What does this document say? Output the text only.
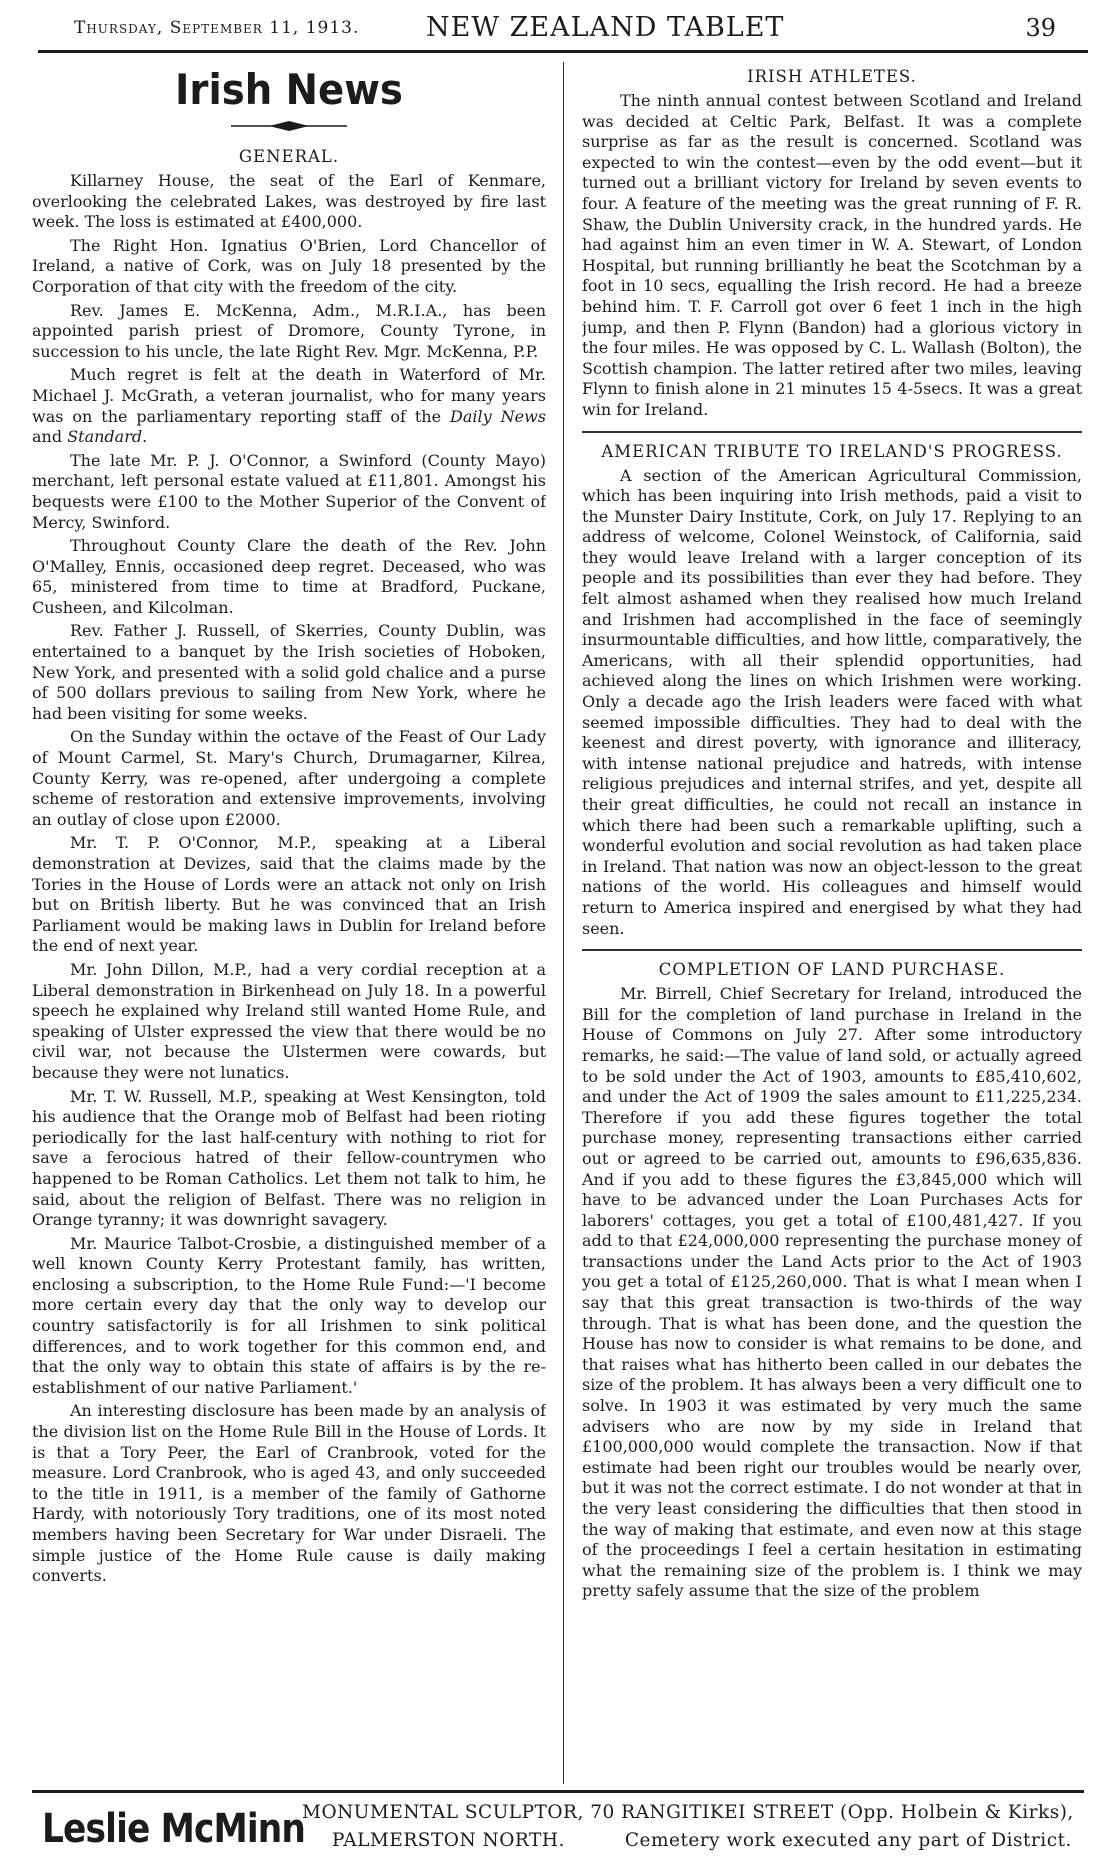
Thursday, September 11, 1913. NEW ZEALAND TABLET	39
Irish News
GENERAL.

Killarney House, the seat of the Earl of Kenmare, overlooking the celebrated Lakes, was destroyed by fire last week. The loss is estimated at £400,000.

The Right Hon. Ignatius O'Brien, Lord Chancellor of Ireland, a native of Cork, was on July 18 presented by the Corporation of that city with the freedom of the city.

Rev. James E. McKenna, Adm., M.R.I.A., has been appointed parish priest of Dromore, County Tyrone, in succession to his uncle, the late Right Rev. Mgr. McKenna, P.P.

Much regret is felt at the death in Waterford of Mr. Michael J. McGrath, a veteran journalist, who for many years was on the parliamentary reporting staff of the Daily News and Standard.

The late Mr. P. J. O'Connor, a Swinford (County Mayo) merchant, left personal estate valued at £11,801. Amongst his bequests were £100 to the Mother Superior of the Convent of Mercy, Swinford.

Throughout County Clare the death of the Rev. John O'Malley, Ennis, occasioned deep regret. Deceased, who was 65, ministered from time to time at Bradford, Puckane, Cusheen, and Kilcolman.

Rev. Father J. Russell, of Skerries, County Dublin, was entertained to a banquet by the Irish societies of Hoboken, New York, and presented with a solid gold chalice and a purse of 500 dollars previous to sailing from New York, where he had been visiting for some weeks.

On the Sunday within the octave of the Feast of Our Lady of Mount Carmel, St. Mary's Church, Drumagarner, Kilrea, County Kerry, was re-opened, after undergoing a complete scheme of restoration and extensive improvements, involving an outlay of close upon £2000.

Mr. T. P. O'Connor, M.P., speaking at a Liberal demonstration at Devizes, said that the claims made by the Tories in the House of Lords were an attack not only on Irish but on British liberty. But he was convinced that an Irish Parliament would be making laws in Dublin for Ireland before the end of next year.

Mr. John Dillon, M.P., had a very cordial reception at a Liberal demonstration in Birkenhead on July 18. In a powerful speech he explained why Ireland still wanted Home Rule, and speaking of Ulster expressed the view that there would be no civil war, not because the Ulstermen were cowards, but because they were not lunatics.

Mr. T. W. Russell, M.P., speaking at West Kensington, told his audience that the Orange mob of Belfast had been rioting periodically for the last half-century with nothing to riot for save a ferocious hatred of their fellow-countrymen who happened to be Roman Catholics. Let them not talk to him, he said, about the religion of Belfast. There was no religion in Orange tyranny; it was downright savagery.

Mr. Maurice Talbot-Crosbie, a distinguished member of a well known County Kerry Protestant family, has written, enclosing a subscription, to the Home Rule Fund:—'I become more certain every day that the only way to develop our country satisfactorily is for all Irishmen to sink political differences, and to work together for this common end, and that the only way to obtain this state of affairs is by the re-establishment of our native Parliament.'

An interesting disclosure has been made by an analysis of the division list on the Home Rule Bill in the House of Lords. It is that a Tory Peer, the Earl of Cranbrook, voted for the measure. Lord Cranbrook, who is aged 43, and only succeeded to the title in 1911, is a member of the family of Gathorne Hardy, with notoriously Tory traditions, one of its most noted members having been Secretary for War under Disraeli. The simple justice of the Home Rule cause is daily making converts.

IRISH ATHLETES.

The ninth annual contest between Scotland and Ireland was decided at Celtic Park, Belfast. It was a complete surprise as far as the result is concerned. Scotland was expected to win the contest—even by the odd event—but it turned out a brilliant victory for Ireland by seven events to four. A feature of the meeting was the great running of F. R. Shaw, the Dublin University crack, in the hundred yards. He had against him an even timer in W. A. Stewart, of London Hospital, but running brilliantly he beat the Scotchman by a foot in 10 secs, equalling the Irish record. He had a breeze behind him. T. F. Carroll got over 6 feet 1 inch in the high jump, and then P. Flynn (Bandon) had a glorious victory in the four miles. He was opposed by C. L. Wallash (Bolton), the Scottish champion. The latter retired after two miles, leaving Flynn to finish alone in 21 minutes 15 4-5secs. It was a great win for Ireland.

AMERICAN TRIBUTE TO IRELAND'S PROGRESS.

A section of the American Agricultural Commission, which has been inquiring into Irish methods, paid a visit to the Munster Dairy Institute, Cork, on July 17. Replying to an address of welcome, Colonel Weinstock, of California, said they would leave Ireland with a larger conception of its people and its possibilities than ever they had before. They felt almost ashamed when they realised how much Ireland and Irishmen had accomplished in the face of seemingly insurmountable difficulties, and how little, comparatively, the Americans, with all their splendid opportunities, had achieved along the lines on which Irishmen were working. Only a decade ago the Irish leaders were faced with what seemed impossible difficulties. They had to deal with the keenest and direst poverty, with ignorance and illiteracy, with intense national prejudice and hatreds, with intense religious prejudices and internal strifes, and yet, despite all their great difficulties, he could not recall an instance in which there had been such a remarkable uplifting, such a wonderful evolution and social revolution as had taken place in Ireland. That nation was now an object-lesson to the great nations of the world. His colleagues and himself would return to America inspired and energised by what they had seen.

COMPLETION OF LAND PURCHASE.

Mr. Birrell, Chief Secretary for Ireland, introduced the Bill for the completion of land purchase in Ireland in the House of Commons on July 27. After some introductory remarks, he said:—The value of land sold, or actually agreed to be sold under the Act of 1903, amounts to £85,410,602, and under the Act of 1909 the sales amount to £11,225,234. Therefore if you add these figures together the total purchase money, representing transactions either carried out or agreed to be carried out, amounts to £96,635,836. And if you add to these figures the £3,845,000 which will have to be advanced under the Loan Purchases Acts for laborers' cottages, you get a total of £100,481,427. If you add to that £24,000,000 representing the purchase money of transactions under the Land Acts prior to the Act of 1903 you get a total of £125,260,000. That is what I mean when I say that this great transaction is two-thirds of the way through. That is what has been done, and the question the House has now to consider is what remains to be done, and that raises what has hitherto been called in our debates the size of the problem. It has always been a very difficult one to solve. In 1903 it was estimated by very much the same advisers who are now by my side in Ireland that £100,000,000 would complete the transaction. Now if that estimate had been right our troubles would be nearly over, but it was not the correct estimate. I do not wonder at that in the very least considering the difficulties that then stood in the way of making that estimate, and even now at this stage of the proceedings I feel a certain hesitation in estimating what the remaining size of the problem is. I think we may pretty safely assume that the size of the problem

Leslie McMinn
MONUMENTAL SCULPTOR, 70 RANGITIKEI STREET (Opp. Holbein & Kirks),
PALMERSTON NORTH.	Cemetery work executed any part of District.
